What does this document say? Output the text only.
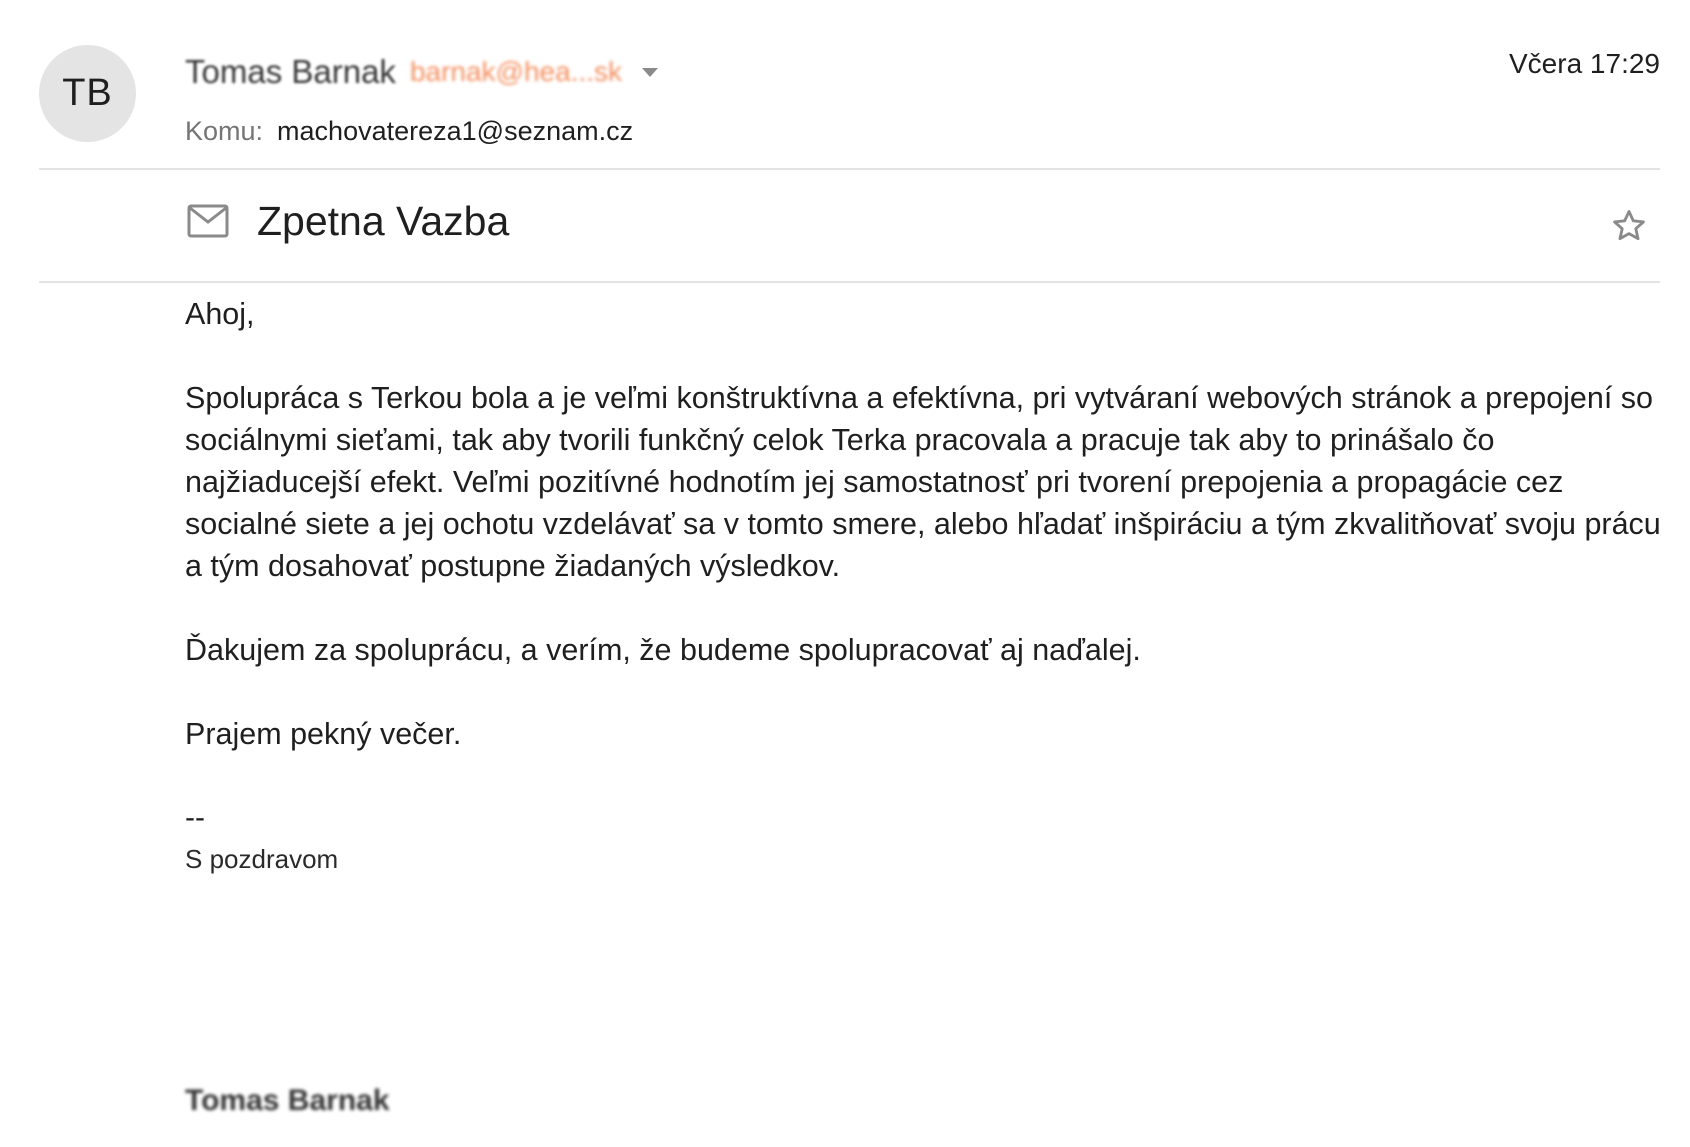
TB
Tomas Barnak barnak@hea...sk	Včera 17:29
Komu: machovatereza1@seznam.cz
Zpetna Vazba

Ahoj,

Spolupráca s Terkou bola a je veľmi konštruktívna a efektívna, pri vytváraní webových stránok a prepojení so sociálnymi sieťami, tak aby tvorili funkčný celok Terka pracovala a pracuje tak aby to prinášalo čo najžiaducejší efekt. Veľmi pozitívné hodnotím jej samostatnosť pri tvorení prepojenia a propagácie cez socialné siete a jej ochotu vzdelávať sa v tomto smere, alebo hľadať inšpiráciu a tým zkvalitňovať svoju prácu a tým dosahovať postupne žiadaných výsledkov.

Ďakujem za spoluprácu, a verím, že budeme spolupracovať aj naďalej.

Prajem pekný večer.

--

S pozdravom

Tomas Barnak
